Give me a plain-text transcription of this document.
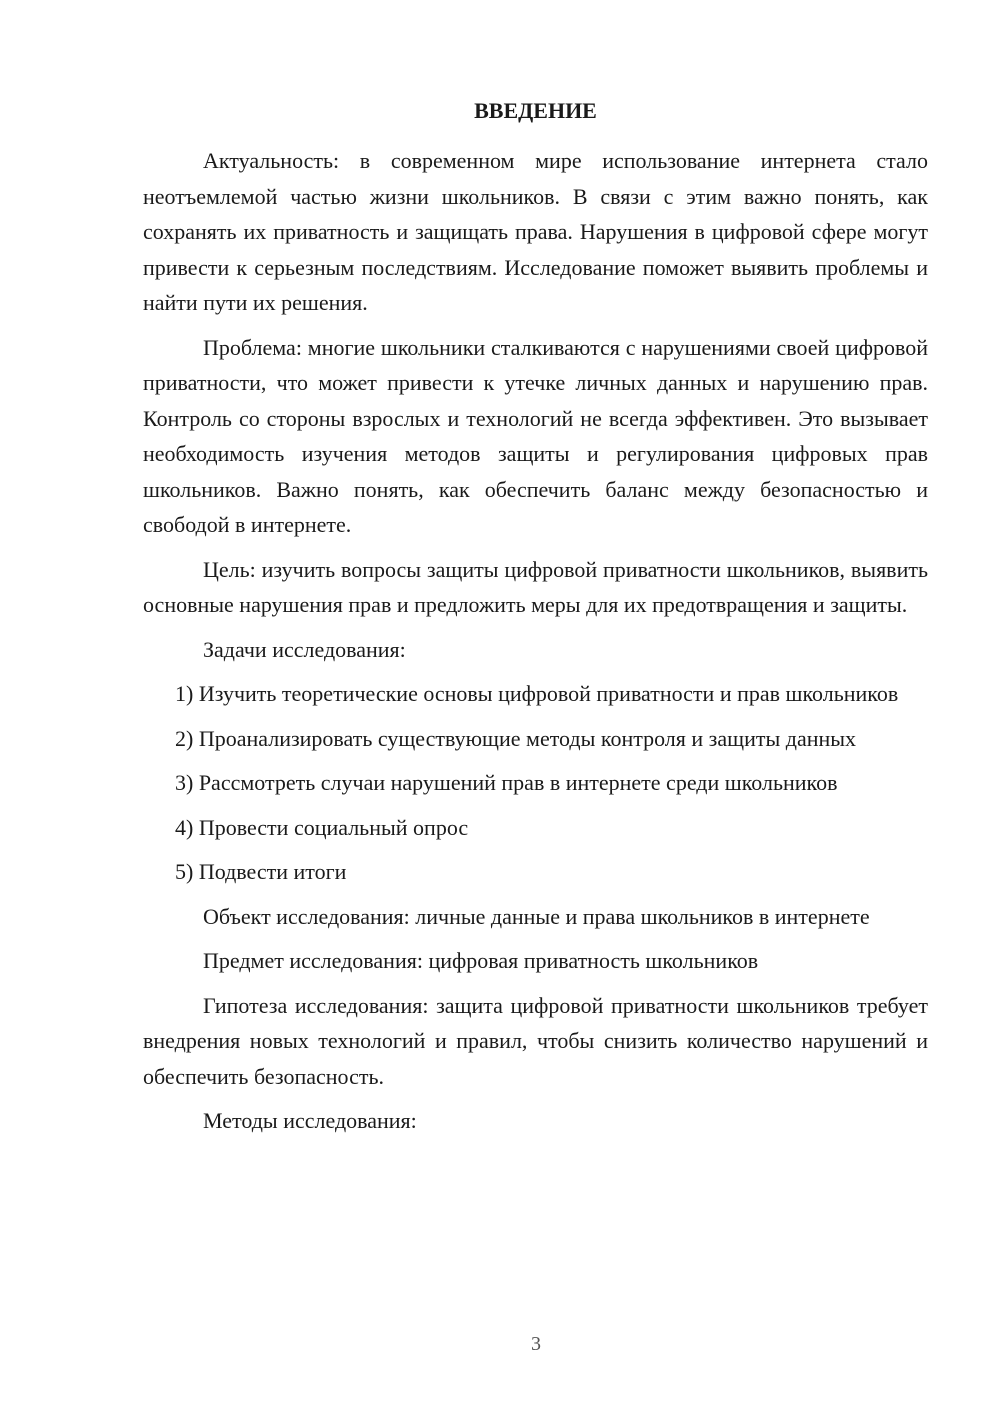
ВВЕДЕНИЕ

Актуальность: в современном мире использование интернета стало неотъемлемой частью жизни школьников. В связи с этим важно понять, как сохранять их приватность и защищать права. Нарушения в цифровой сфере могут привести к серьезным последствиям. Исследование поможет выявить проблемы и найти пути их решения.

Проблема: многие школьники сталкиваются с нарушениями своей цифровой приватности, что может привести к утечке личных данных и нарушению прав. Контроль со стороны взрослых и технологий не всегда эффективен. Это вызывает необходимость изучения методов защиты и регулирования цифровых прав школьников. Важно понять, как обеспечить баланс между безопасностью и свободой в интернете.

Цель: изучить вопросы защиты цифровой приватности школьников, выявить основные нарушения прав и предложить меры для их предотвращения и защиты.

Задачи исследования:

1) Изучить теоретические основы цифровой приватности и прав школьников

2) Проанализировать существующие методы контроля и защиты данных

3) Рассмотреть случаи нарушений прав в интернете среди школьников

4) Провести социальный опрос

5) Подвести итоги

Объект исследования: личные данные и права школьников в интернете

Предмет исследования: цифровая приватность школьников

Гипотеза исследования: защита цифровой приватности школьников требует внедрения новых технологий и правил, чтобы снизить количество нарушений и обеспечить безопасность.

Методы исследования:

3
